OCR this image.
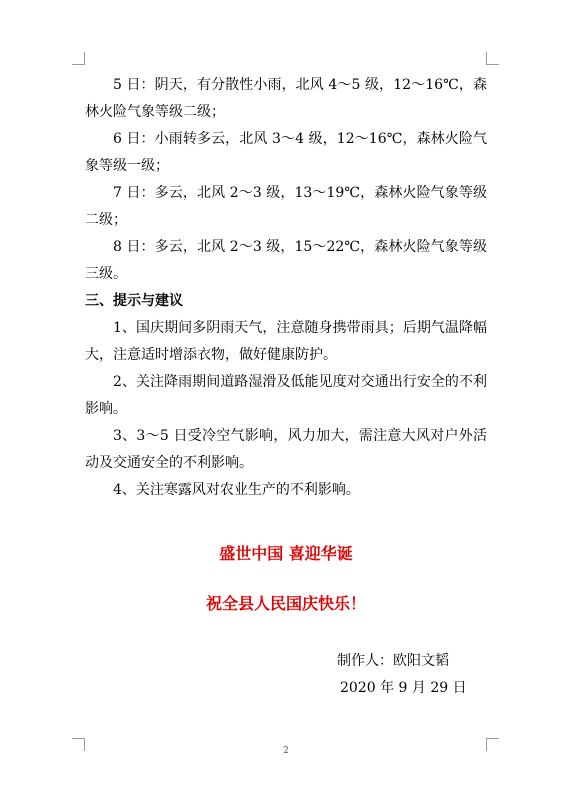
5 日：阴天，有分散性小雨，北风 4～5 级，12～16℃，森林火险气象等级二级；

6 日：小雨转多云，北风 3～4 级，12～16℃，森林火险气象等级一级；

7 日：多云，北风 2～3 级，13～19℃，森林火险气象等级二级；

8 日：多云，北风 2～3 级，15～22℃，森林火险气象等级三级。

三、提示与建议

1、国庆期间多阴雨天气，注意随身携带雨具；后期气温降幅大，注意适时增添衣物，做好健康防护。

2、关注降雨期间道路湿滑及低能见度对交通出行安全的不利影响。

3、3～5 日受冷空气影响，风力加大，需注意大风对户外活动及交通安全的不利影响。

4、关注寒露风对农业生产的不利影响。

盛世中国 喜迎华诞
祝全县人民国庆快乐！
制作人：欧阳文韬
2020 年 9 月 29 日
2
